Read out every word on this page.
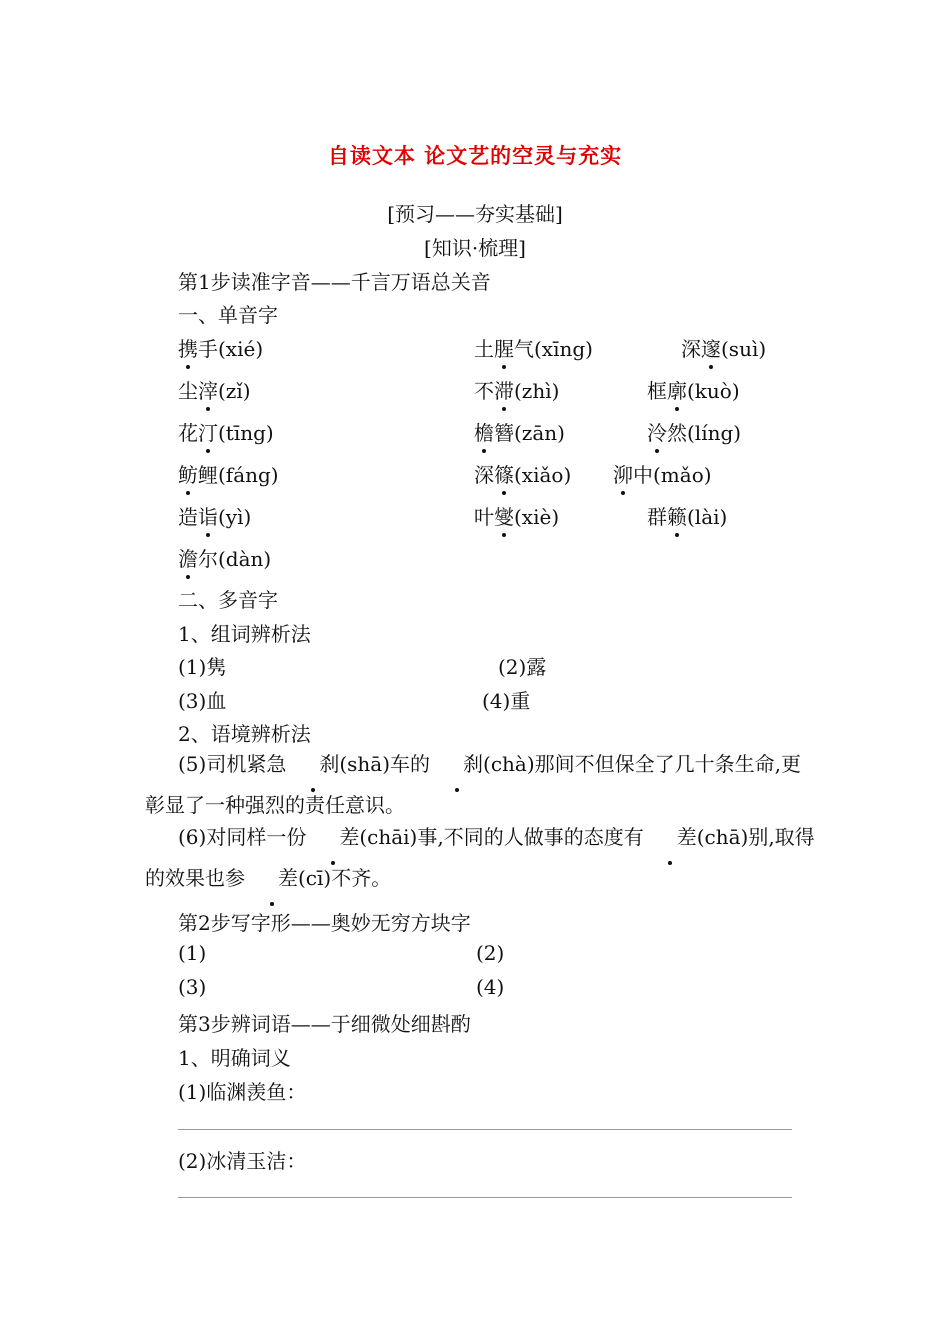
自读文本 论文艺的空灵与充实
[预习——夯实基础]
[知识·梳理]
第1步读准字音——千言万语总关音
一、单音字
携手(xié)	土腥气(xīng)	深邃(suì)
尘滓(zǐ)	不滞(zhì)	框廓(kuò)
花汀(tīng)	檐簪(zān)	泠然(líng)
鲂鲤(fáng)	深篠(xiǎo) 泖中(mǎo)
造诣(yì)	叶燮(xiè)	群籁(lài)
澹尔(dàn)
二、多音字
1、组词辨析法
(1)隽	(2)露
(3)血	(4)重
2、语境辨析法
(5)司机紧急 刹(shā)车的 刹(chà)那间不但保全了几十条生命,更彰显了一种强烈的责任意识。
(6)对同样一份 差(chāi)事,不同的人做事的态度有 差(chā)别,取得的效果也参 差(cī)不齐。
第2步写字形——奥妙无穷方块字
(1)	(2)
(3)	(4)
第3步辨词语——于细微处细斟酌
1、明确词义
(1)临渊羡鱼：
(2)冰清玉洁：
